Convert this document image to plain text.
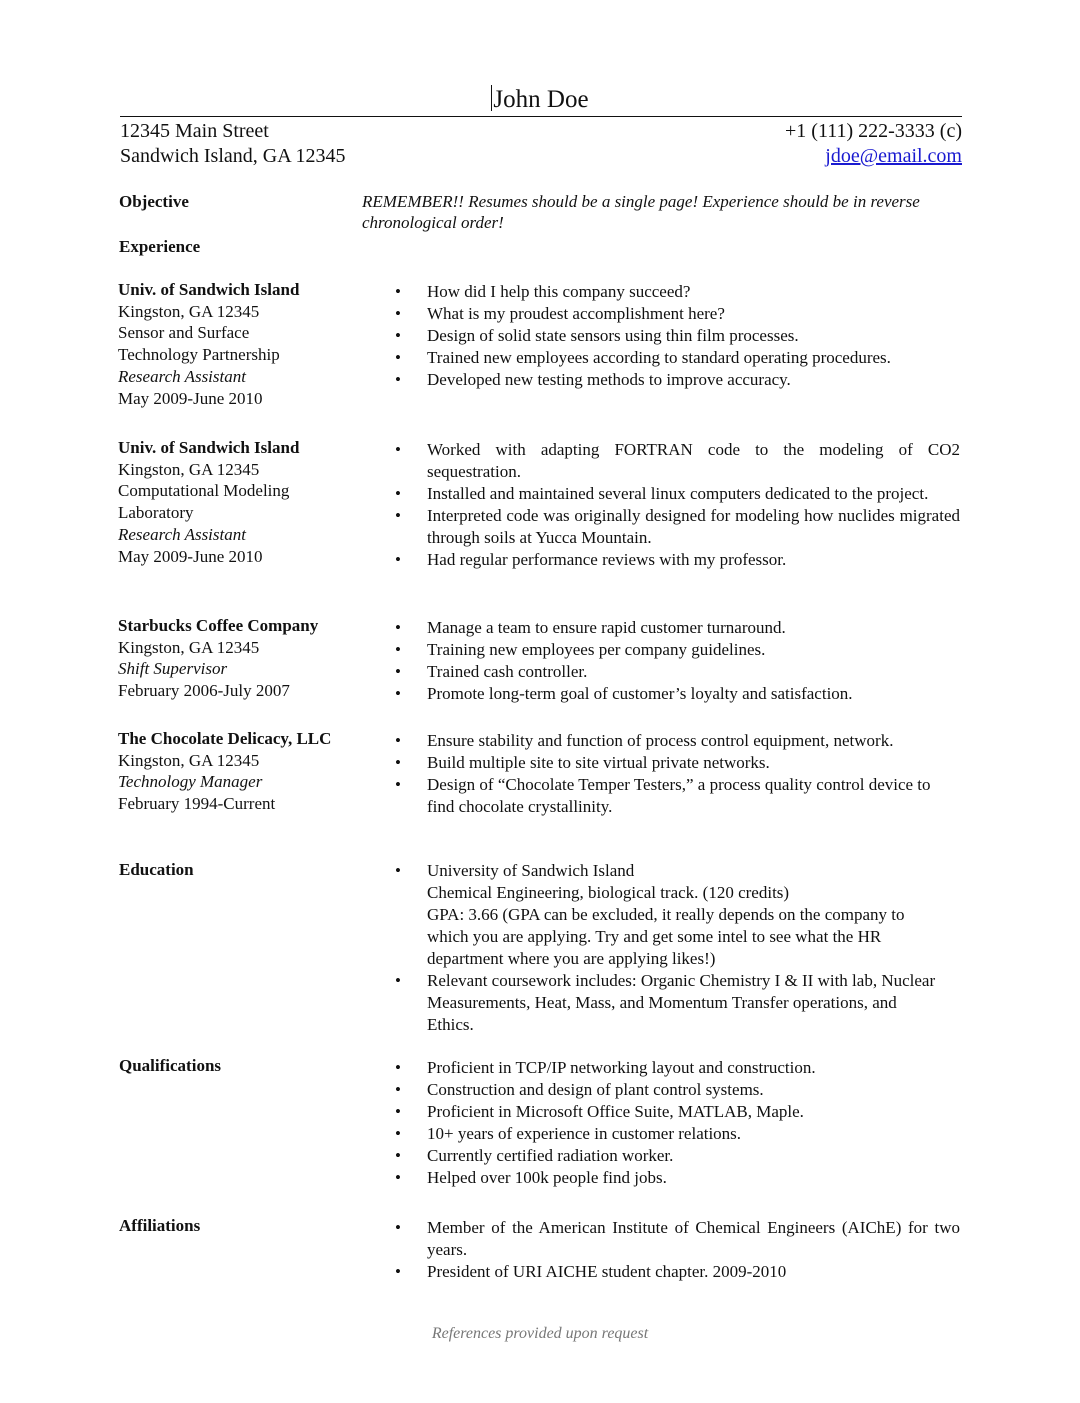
John Doe
12345 Main Street
Sandwich Island, GA 12345
+1 (111) 222-3333 (c)
jdoe@email.com
Objective	REMEMBER!! Resumes should be a single page! Experience should be in reverse chronological order!
Experience
Univ. of Sandwich Island
Kingston, GA 12345
Sensor and Surface
Technology Partnership
Research Assistant
May 2009-June 2010
• How did I help this company succeed?
• What is my proudest accomplishment here?
• Design of solid state sensors using thin film processes.
• Trained new employees according to standard operating procedures.
• Developed new testing methods to improve accuracy.
Univ. of Sandwich Island
Kingston, GA 12345
Computational Modeling
Laboratory
Research Assistant
May 2009-June 2010
• Worked with adapting FORTRAN code to the modeling of CO2 sequestration.
• Installed and maintained several linux computers dedicated to the project.
• Interpreted code was originally designed for modeling how nuclides migrated through soils at Yucca Mountain.
• Had regular performance reviews with my professor.
Starbucks Coffee Company
Kingston, GA 12345
Shift Supervisor
February 2006-July 2007
• Manage a team to ensure rapid customer turnaround.
• Training new employees per company guidelines.
• Trained cash controller.
• Promote long-term goal of customer’s loyalty and satisfaction.
The Chocolate Delicacy, LLC
Kingston, GA 12345
Technology Manager
February 1994-Current
• Ensure stability and function of process control equipment, network.
• Build multiple site to site virtual private networks.
• Design of “Chocolate Temper Testers,” a process quality control device to find chocolate crystallinity.
Education	• University of Sandwich Island
Chemical Engineering, biological track. (120 credits)
GPA: 3.66 (GPA can be excluded, it really depends on the company to which you are applying. Try and get some intel to see what the HR department where you are applying likes!)
• Relevant coursework includes: Organic Chemistry I & II with lab, Nuclear Measurements, Heat, Mass, and Momentum Transfer operations, and Ethics.
Qualifications	• Proficient in TCP/IP networking layout and construction.
• Construction and design of plant control systems.
• Proficient in Microsoft Office Suite, MATLAB, Maple.
• 10+ years of experience in customer relations.
• Currently certified radiation worker.
• Helped over 100k people find jobs.
Affiliations	• Member of the American Institute of Chemical Engineers (AIChE) for two years.
• President of URI AICHE student chapter. 2009-2010
References provided upon request
